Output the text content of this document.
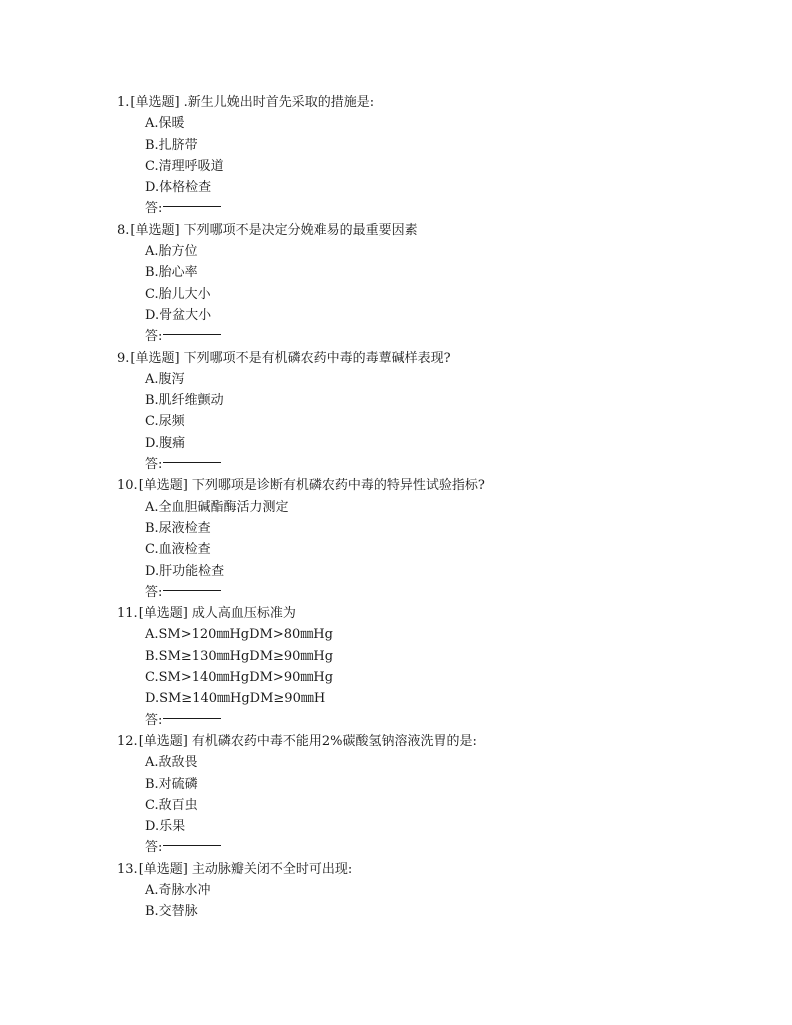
1.[单选题] .新生儿娩出时首先采取的措施是:
A.保暖
B.扎脐带
C.清理呼吸道
D.体格检查
答:
8.[单选题] 下列哪项不是决定分娩难易的最重要因素
A.胎方位
B.胎心率
C.胎儿大小
D.骨盆大小
答:
9.[单选题] 下列哪项不是有机磷农药中毒的毒蕈碱样表现?
A.腹泻
B.肌纤维颤动
C.尿频
D.腹痛
答:
10.[单选题] 下列哪项是诊断有机磷农药中毒的特异性试验指标?
A.全血胆碱酯酶活力测定
B.尿液检查
C.血液检查
D.肝功能检查
答:
11.[单选题] 成人高血压标准为
A.SM>120㎜HgDM>80㎜Hg
B.SM≥130㎜HgDM≥90㎜Hg
C.SM>140㎜HgDM>90㎜Hg
D.SM≥140㎜HgDM≥90㎜H
答:
12.[单选题] 有机磷农药中毒不能用2%碳酸氢钠溶液洗胃的是:
A.敌敌畏
B.对硫磷
C.敌百虫
D.乐果
答:
13.[单选题] 主动脉瓣关闭不全时可出现:
A.奇脉水冲
B.交替脉
